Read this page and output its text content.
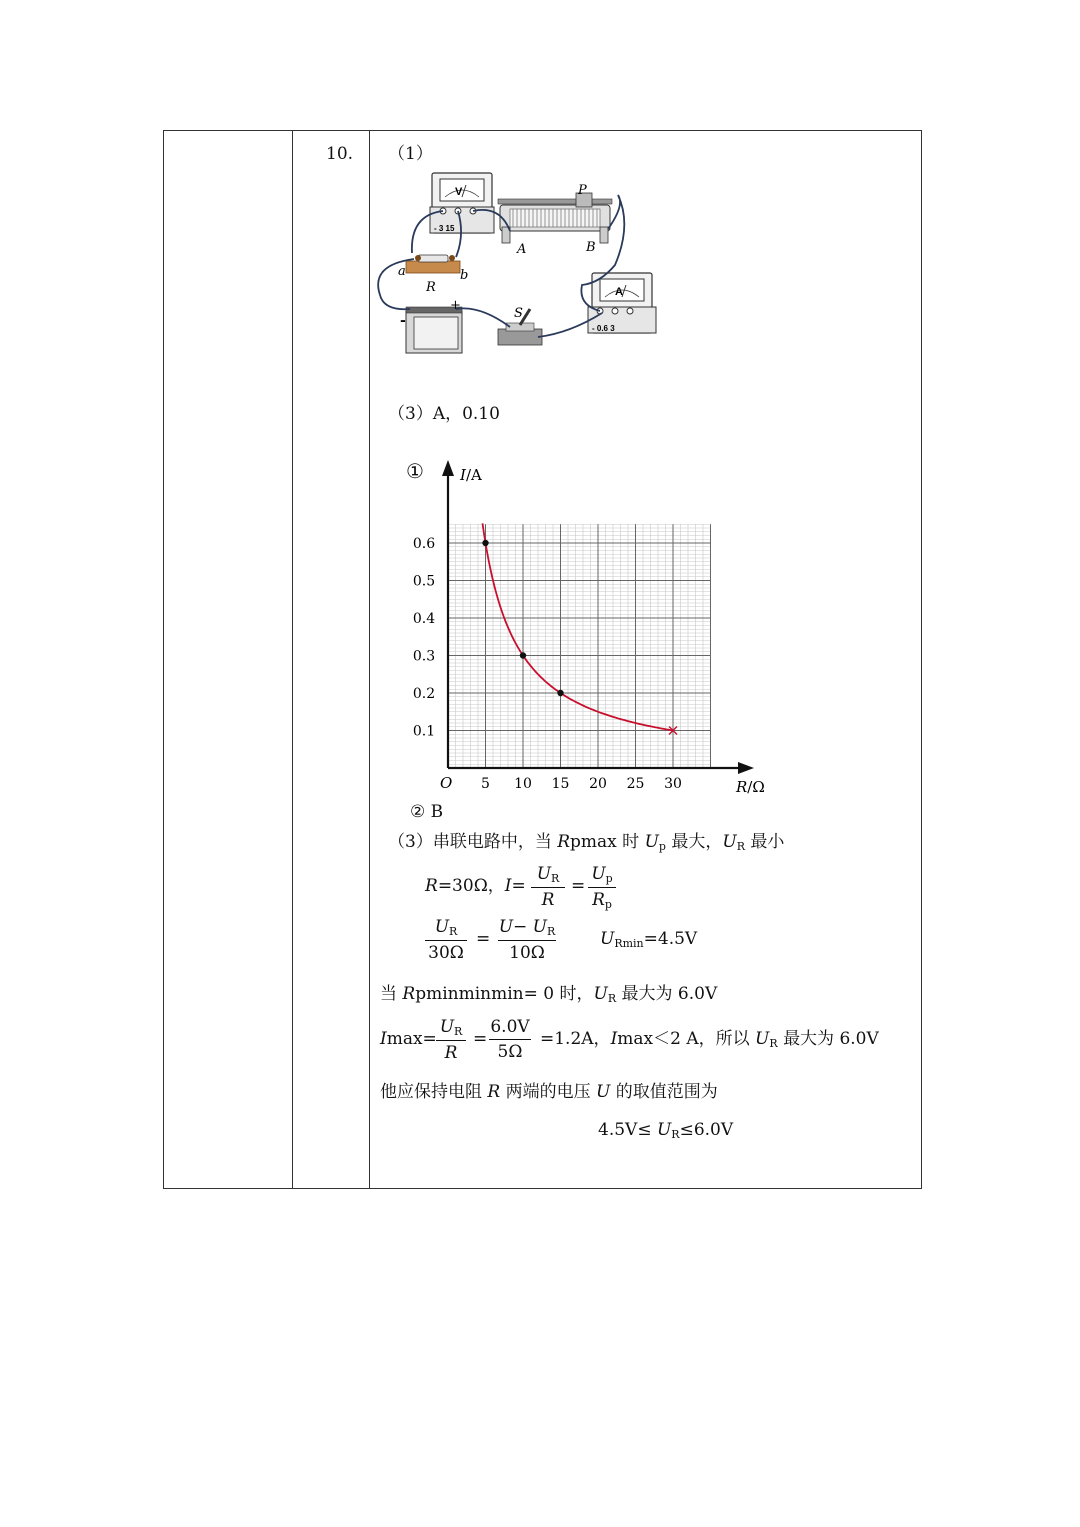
10. （1）
V
- 3 15
P
A	B
a	b
R
+
-	S
A
- 0.6 3
（3）A，0.10
①
0.6
0.5
0.4
0.3
0.2
0.1
5 10 15 20 25 30
I/A
R/Ω
O
② B
（3）串联电路中，当 Rpmax 时 $U_p$ 最大，$U_R$ 最小
R=30Ω，I=
$U_R$
R
=
$U_p$
$R_p$
$U_R$
30Ω
=
$U- U_R$
10Ω
$U_{Rmin}=4.5V$
当 Rpminminmin= 0 时，$U_R$ 最大为 6.0V
Imax=
$U_R$
R
=
6.0V
5Ω
=1.2A，Imax＜2 A，所以 $U_R$ 最大为 6.0V
他应保持电阻 R 两端的电压 U 的取值范围为
$4.5V\le U_R\le 6.0V$
